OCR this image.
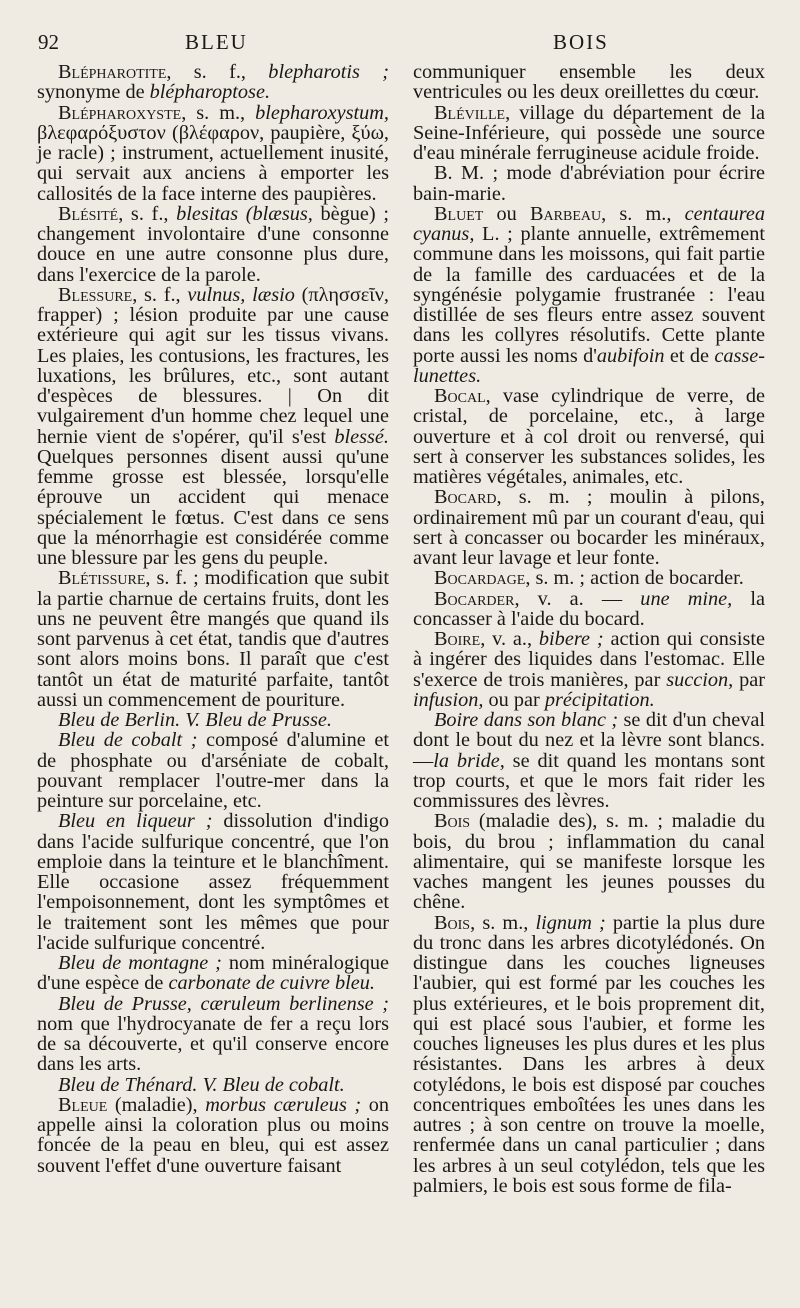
92	BLEU	BOIS

Blépharotite, s. f., blepharotis ; synonyme de blépharoptose.

Blépharoxyste, s. m., blepharoxystum, βλεφαρόξυστον (βλέφαρον, paupière, ξύω, je racle) ; instrument, actuellement inusité, qui servait aux anciens à emporter les callosités de la face interne des paupières.

Blésité, s. f., blesitas (blæsus, bègue) ; changement involontaire d'une consonne douce en une autre consonne plus dure, dans l'exercice de la parole.

Blessure, s. f., vulnus, læsio (πλησσεῖν, frapper) ; lésion produite par une cause extérieure qui agit sur les tissus vivans. Les plaies, les contusions, les fractures, les luxations, les brûlures, etc., sont autant d'espèces de blessures. | On dit vulgairement d'un homme chez lequel une hernie vient de s'opérer, qu'il s'est blessé. Quelques personnes disent aussi qu'une femme grosse est blessée, lorsqu'elle éprouve un accident qui menace spécialement le fœtus. C'est dans ce sens que la ménorrhagie est considérée comme une blessure par les gens du peuple.

Blétissure, s. f. ; modification que subit la partie charnue de certains fruits, dont les uns ne peuvent être mangés que quand ils sont parvenus à cet état, tandis que d'autres sont alors moins bons. Il paraît que c'est tantôt un état de maturité parfaite, tantôt aussi un commencement de pouriture.

Bleu de Berlin. V. Bleu de Prusse.

Bleu de cobalt ; composé d'alumine et de phosphate ou d'arséniate de cobalt, pouvant remplacer l'outre-mer dans la peinture sur porcelaine, etc.

Bleu en liqueur ; dissolution d'indigo dans l'acide sulfurique concentré, que l'on emploie dans la teinture et le blanchîment. Elle occasione assez fréquemment l'empoisonnement, dont les symptômes et le traitement sont les mêmes que pour l'acide sulfurique concentré.

Bleu de montagne ; nom minéralogique d'une espèce de carbonate de cuivre bleu.

Bleu de Prusse, cæruleum berlinense ; nom que l'hydrocyanate de fer a reçu lors de sa découverte, et qu'il conserve encore dans les arts.

Bleu de Thénard. V. Bleu de cobalt.

Bleue (maladie), morbus cæruleus ; on appelle ainsi la coloration plus ou moins foncée de la peau en bleu, qui est assez souvent l'effet d'une ouverture faisant

communiquer ensemble les deux ventricules ou les deux oreillettes du cœur.

Bléville, village du département de la Seine-Inférieure, qui possède une source d'eau minérale ferrugineuse acidule froide.

B. M. ; mode d'abréviation pour écrire bain-marie.

Bluet ou Barbeau, s. m., centaurea cyanus, L. ; plante annuelle, extrêmement commune dans les moissons, qui fait partie de la famille des carduacées et de la syngénésie polygamie frustranée : l'eau distillée de ses fleurs entre assez souvent dans les collyres résolutifs. Cette plante porte aussi les noms d'aubifoin et de casse-lunettes.

Bocal, vase cylindrique de verre, de cristal, de porcelaine, etc., à large ouverture et à col droit ou renversé, qui sert à conserver les substances solides, les matières végétales, animales, etc.

Bocard, s. m. ; moulin à pilons, ordinairement mû par un courant d'eau, qui sert à concasser ou bocarder les minéraux, avant leur lavage et leur fonte.

Bocardage, s. m. ; action de bocarder.

Bocarder, v. a. — une mine, la concasser à l'aide du bocard.

Boire, v. a., bibere ; action qui consiste à ingérer des liquides dans l'estomac. Elle s'exerce de trois manières, par succion, par infusion, ou par précipitation.

Boire dans son blanc ; se dit d'un cheval dont le bout du nez et la lèvre sont blancs.—la bride, se dit quand les montans sont trop courts, et que le mors fait rider les commissures des lèvres.

Bois (maladie des), s. m. ; maladie du bois, du brou ; inflammation du canal alimentaire, qui se manifeste lorsque les vaches mangent les jeunes pousses du chêne.

Bois, s. m., lignum ; partie la plus dure du tronc dans les arbres dicotylédonés. On distingue dans les couches ligneuses l'aubier, qui est formé par les couches les plus extérieures, et le bois proprement dit, qui est placé sous l'aubier, et forme les couches ligneuses les plus dures et les plus résistantes. Dans les arbres à deux cotylédons, le bois est disposé par couches concentriques emboîtées les unes dans les autres ; à son centre on trouve la moelle, renfermée dans un canal particulier ; dans les arbres à un seul cotylédon, tels que les palmiers, le bois est sous forme de fila-
